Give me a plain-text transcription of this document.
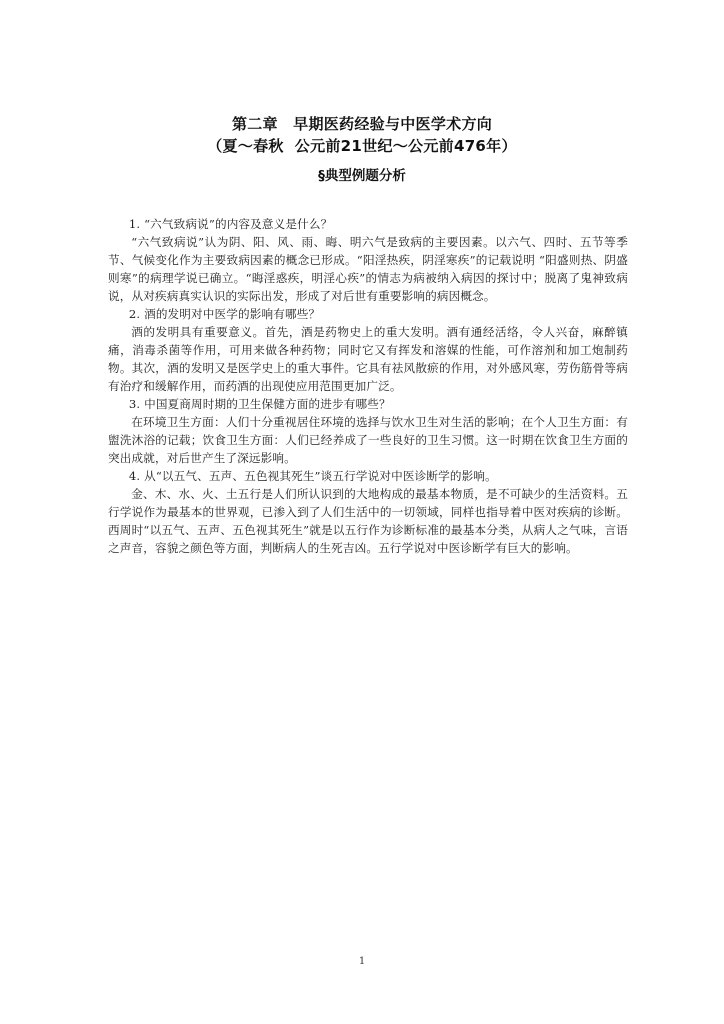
第二章　早期医药经验与中医学术方向
（夏～春秋  公元前21世纪～公元前476年）
§典型例题分析

1. “六气致病说”的内容及意义是什么？

“六气致病说”认为阴、阳、风、雨、晦、明六气是致病的主要因素。以六气、四时、五节等季节、气候变化作为主要致病因素的概念已形成。“阳淫热疾，阴淫寒疾”的记载说明 “阳盛则热、阴盛则寒”的病理学说已确立。“晦淫惑疾，明淫心疾”的情志为病被纳入病因的探讨中；脱离了鬼神致病说，从对疾病真实认识的实际出发，形成了对后世有重要影响的病因概念。

2. 酒的发明对中医学的影响有哪些？

酒的发明具有重要意义。首先，酒是药物史上的重大发明。酒有通经活络，令人兴奋，麻醉镇痛，消毒杀菌等作用，可用来做各种药物；同时它又有挥发和溶媒的性能，可作溶剂和加工炮制药物。其次，酒的发明又是医学史上的重大事件。它具有祛风散瘀的作用，对外感风寒，劳伤筋骨等病有治疗和缓解作用，而药酒的出现使应用范围更加广泛。

3. 中国夏商周时期的卫生保健方面的进步有哪些？

在环境卫生方面：人们十分重视居住环境的选择与饮水卫生对生活的影响；在个人卫生方面：有盥洗沐浴的记载；饮食卫生方面：人们已经养成了一些良好的卫生习惯。这一时期在饮食卫生方面的突出成就，对后世产生了深远影响。

4. 从“以五气、五声、五色视其死生”谈五行学说对中医诊断学的影响。

金、木、水、火、土五行是人们所认识到的大地构成的最基本物质，是不可缺少的生活资料。五行学说作为最基本的世界观，已渗入到了人们生活中的一切领域，同样也指导着中医对疾病的诊断。西周时“以五气、五声、五色视其死生”就是以五行作为诊断标准的最基本分类，从病人之气味，言语之声音，容貌之颜色等方面，判断病人的生死吉凶。五行学说对中医诊断学有巨大的影响。

1
